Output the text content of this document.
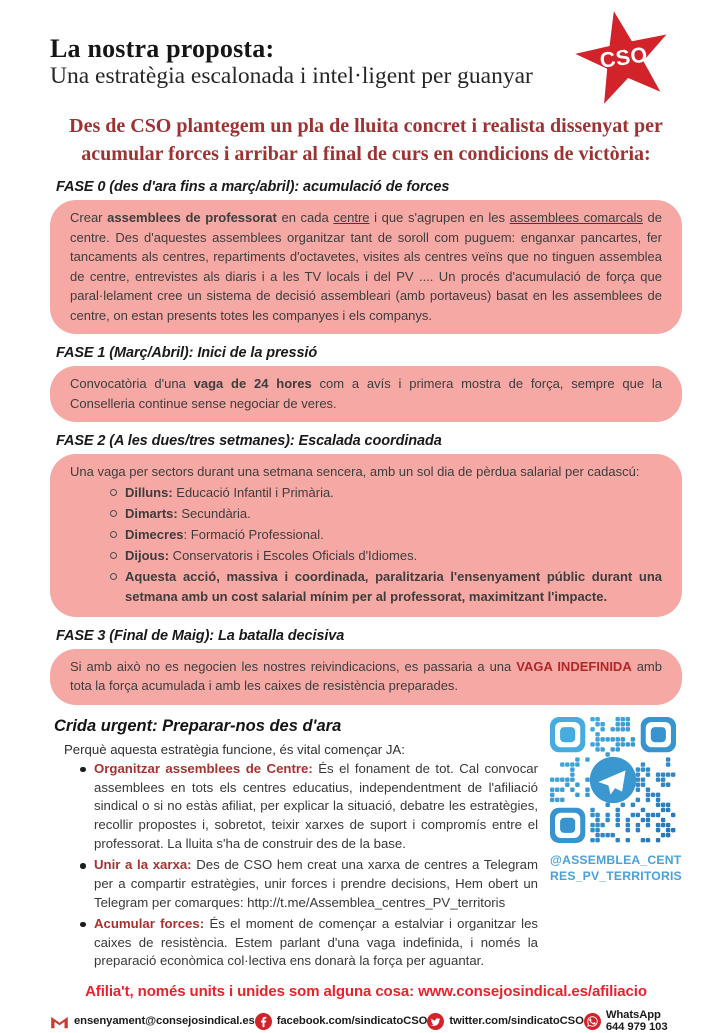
La nostra proposta:
Una estratègia escalonada i intel·ligent per guanyar
CSO
Des de CSO plantegem un pla de lluita concret i realista dissenyat per
acumular forces i arribar al final de curs en condicions de victòria:
FASE 0 (des d'ara fins a març/abril): acumulació de forces
Crear assemblees de professorat en cada centre i que s'agrupen en les assemblees comarcals de centre. Des d'aquestes assemblees organitzar tant de soroll com puguem: enganxar pancartes, fer tancaments als centres, repartiments d'octavetes, visites als centres veïns que no tinguen assemblea de centre, entrevistes als diaris i a les TV locals i del PV .... Un procés d'acumulació de força que paral·lelament cree un sistema de decisió assembleari (amb portaveus) basat en les assemblees de centre, on estan presents totes les companyes i els companys.
FASE 1 (Març/Abril): Inici de la pressió
Convocatòria d'una vaga de 24 hores com a avís i primera mostra de força, sempre que la Conselleria continue sense negociar de veres.
FASE 2 (A les dues/tres setmanes): Escalada coordinada
Una vaga per sectors durant una setmana sencera, amb un sol dia de pèrdua salarial per cadascú:
Dilluns: Educació Infantil i Primària.
Dimarts: Secundària.
Dimecres: Formació Professional.
Dijous: Conservatoris i Escoles Oficials d'Idiomes.
Aquesta acció, massiva i coordinada, paralitzaria l'ensenyament públic durant una setmana amb un cost salarial mínim per al professorat, maximitzant l'impacte.
FASE 3 (Final de Maig): La batalla decisiva
Si amb això no es negocien les nostres reivindicacions, es passaria a una VAGA INDEFINIDA amb tota la força acumulada i amb les caixes de resistència preparades.
Crida urgent: Preparar-nos des d'ara

Perquè aquesta estratègia funcione, és vital començar JA:

Organitzar assemblees de Centre: És el fonament de tot. Cal convocar assemblees en tots els centres educatius, independentment de l'afiliació sindical o si no estàs afiliat, per explicar la situació, debatre les estratègies, recollir propostes i, sobretot, teixir xarxes de suport i compromís entre el professorat. La lluita s'ha de construir des de la base.
Unir a la xarxa: Des de CSO hem creat una xarxa de centres a Telegram per a compartir estratègies, unir forces i prendre decisions, Hem obert un Telegram per comarques: http://t.me/Assemblea_centres_PV_territoris
Acumular forces: És el moment de començar a estalviar i organitzar les caixes de resistència. Estem parlant d'una vaga indefinida, i només la preparació econòmica col·lectiva ens donarà la força per aguantar.
@ASSEMBLEA_CENT
RES_PV_TERRITORIS
Afilia't, només units i unides som alguna cosa: www.consejosindical.es/afiliacio
ensenyament@consejosindical.es facebook.com/sindicatoCSO twitter.com/sindicatoCSO WhatsApp 644 979 103
